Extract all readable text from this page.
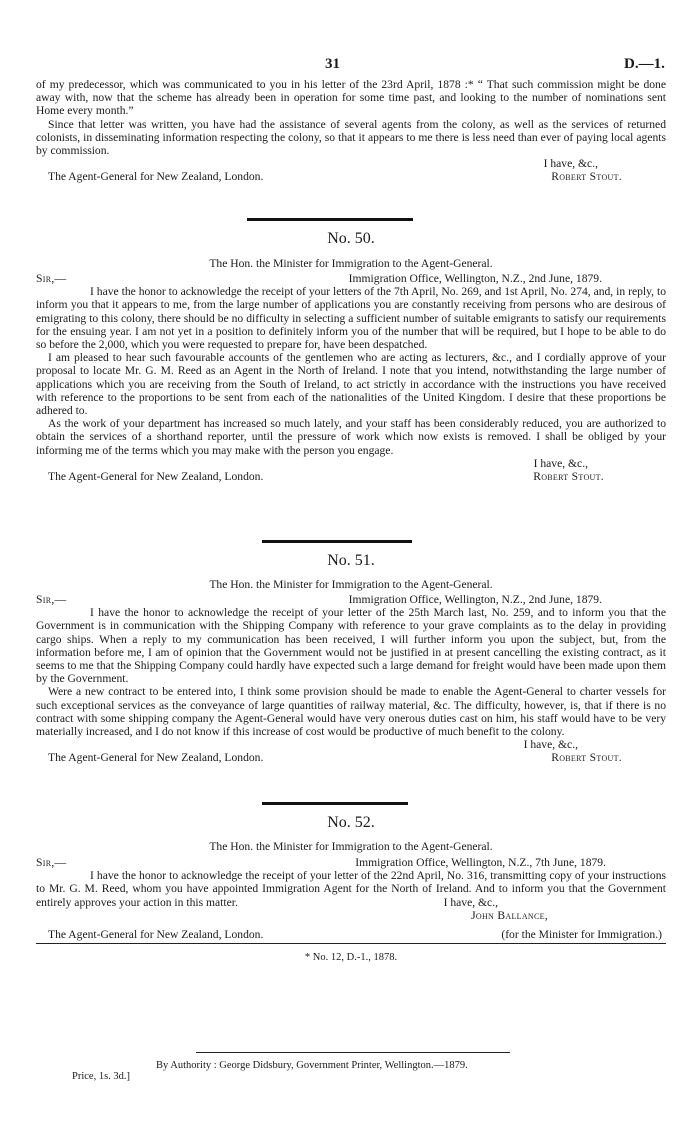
31	D.—1.

of my predecessor, which was communicated to you in his letter of the 23rd April, 1878 :* “ That such commission might be done away with, now that the scheme has already been in operation for some time past, and looking to the number of nominations sent Home every month.”

Since that letter was written, you have had the assistance of several agents from the colony, as well as the services of returned colonists, in disseminating information respecting the colony, so that it appears to me there is less need than ever of paying local agents by commission.

I have, &c.,

The Agent-General for New Zealand, London.	Robert Stout.
No. 50.
The Hon. the Minister for Immigration to the Agent-General.
Sir,—	Immigration Office, Wellington, N.Z., 2nd June, 1879.

I have the honor to acknowledge the receipt of your letters of the 7th April, No. 269, and 1st April, No. 274, and, in reply, to inform you that it appears to me, from the large number of applications you are constantly receiving from persons who are desirous of emigrating to this colony, there should be no difficulty in selecting a sufficient number of suitable emigrants to satisfy our requirements for the ensuing year. I am not yet in a position to definitely inform you of the number that will be required, but I hope to be able to do so before the 2,000, which you were requested to prepare for, have been despatched.

I am pleased to hear such favourable accounts of the gentlemen who are acting as lecturers, &c., and I cordially approve of your proposal to locate Mr. G. M. Reed as an Agent in the North of Ireland. I note that you intend, notwithstanding the large number of applications which you are receiving from the South of Ireland, to act strictly in accordance with the instructions you have received with reference to the proportions to be sent from each of the nationalities of the United Kingdom. I desire that these proportions be adhered to.

As the work of your department has increased so much lately, and your staff has been considerably reduced, you are authorized to obtain the services of a shorthand reporter, until the pressure of work which now exists is removed. I shall be obliged by your informing me of the terms which you may make with the person you engage.

I have, &c.,

The Agent-General for New Zealand, London.	Robert Stout.
No. 51.
The Hon. the Minister for Immigration to the Agent-General.
Sir,—	Immigration Office, Wellington, N.Z., 2nd June, 1879.

I have the honor to acknowledge the receipt of your letter of the 25th March last, No. 259, and to inform you that the Government is in communication with the Shipping Company with reference to your grave complaints as to the delay in providing cargo ships. When a reply to my communication has been received, I will further inform you upon the subject, but, from the information before me, I am of opinion that the Government would not be justified in at present cancelling the existing contract, as it seems to me that the Shipping Company could hardly have expected such a large demand for freight would have been made upon them by the Government.

Were a new contract to be entered into, I think some provision should be made to enable the Agent-General to charter vessels for such exceptional services as the conveyance of large quantities of railway material, &c. The difficulty, however, is, that if there is no contract with some shipping company the Agent-General would have very onerous duties cast on him, his staff would have to be very materially increased, and I do not know if this increase of cost would be productive of much benefit to the colony.

I have, &c.,

The Agent-General for New Zealand, London.	Robert Stout.
No. 52.
The Hon. the Minister for Immigration to the Agent-General.
Sir,—	Immigration Office, Wellington, N.Z., 7th June, 1879.

I have the honor to acknowledge the receipt of your letter of the 22nd April, No. 316, transmitting copy of your instructions to Mr. G. M. Reed, whom you have appointed Immigration Agent for the North of Ireland. And to inform you that the Government entirely approves your action in this matter.	I have, &c.,

John Ballance,

The Agent-General for New Zealand, London.	(for the Minister for Immigration.)
* No. 12, D.-1., 1878.
By Authority : George Didsbury, Government Printer, Wellington.—1879.
Price, 1s. 3d.]
